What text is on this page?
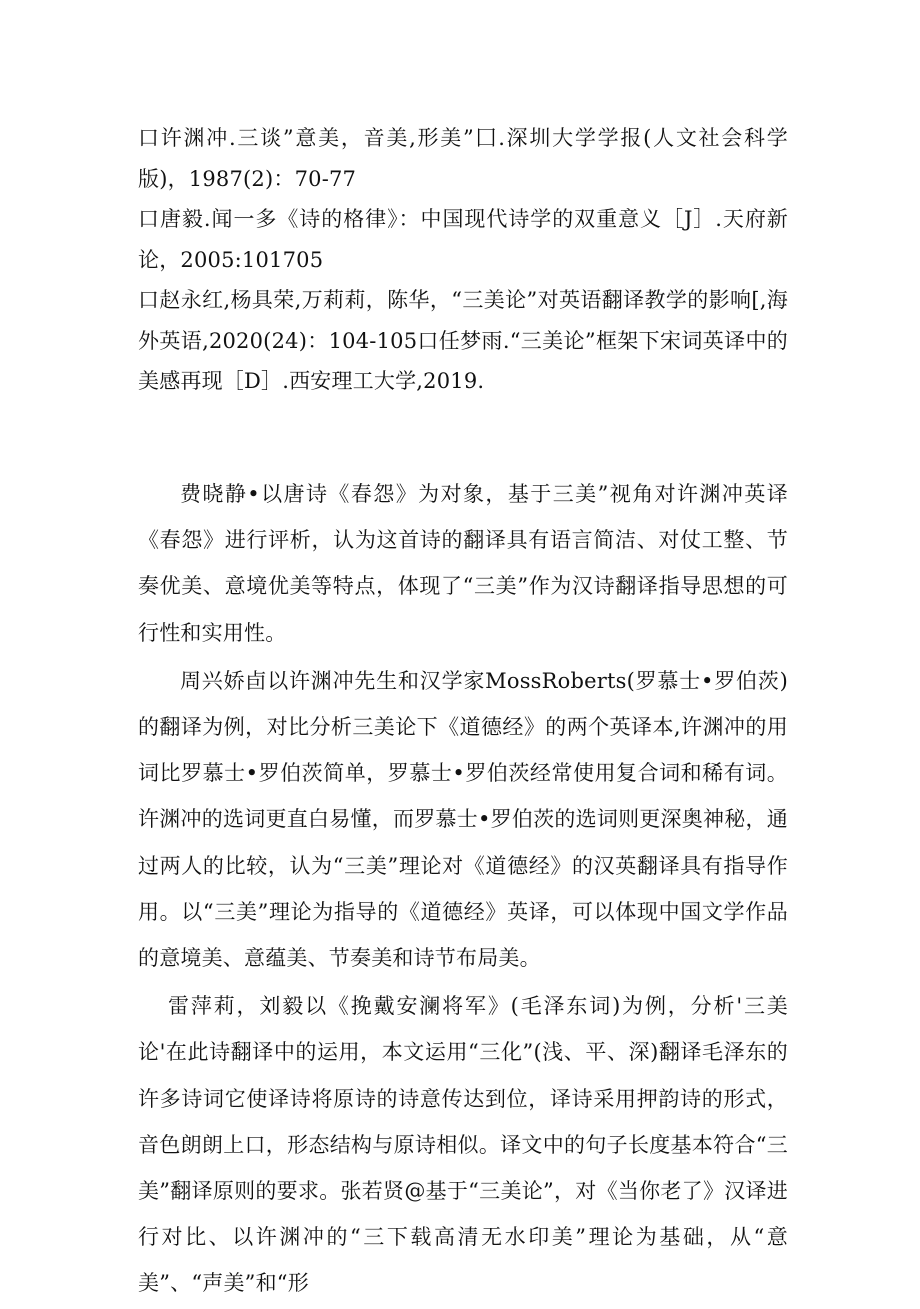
口许渊冲.三谈”意美，音美,形美”囗.深圳大学学报(人文社会科学版)，1987(2)：70-77

口唐毅.闻一多《诗的格律》：中国现代诗学的双重意义［J］.天府新论，2005:101705

口赵永红,杨具荣,万莉莉，陈华，“三美论”对英语翻译教学的影响[,海外英语,2020(24)：104-105口任梦雨.“三美论”框架下宋词英译中的美感再现［D］.西安理工大学,2019.

费晓静•以唐诗《春怨》为对象，基于三美”视角对许渊冲英译《春怨》进行评析，认为这首诗的翻译具有语言简洁、对仗工整、节奏优美、意境优美等特点，体现了“三美”作为汉诗翻译指导思想的可行性和实用性。

周兴娇卣以许渊冲先生和汉学家MossRoberts(罗慕士•罗伯茨)的翻译为例，对比分析三美论下《道德经》的两个英译本,许渊冲的用词比罗慕士•罗伯茨简单，罗慕士•罗伯茨经常使用复合词和稀有词。许渊冲的选词更直白易懂，而罗慕士•罗伯茨的选词则更深奥神秘，通过两人的比较，认为“三美”理论对《道德经》的汉英翻译具有指导作用。以“三美”理论为指导的《道德经》英译，可以体现中国文学作品的意境美、意蕴美、节奏美和诗节布局美。

雷萍莉，刘毅以《挽戴安澜将军》(毛泽东词)为例，分析'三美论'在此诗翻译中的运用，本文运用“三化”(浅、平、深)翻译毛泽东的许多诗词它使译诗将原诗的诗意传达到位，译诗采用押韵诗的形式，音色朗朗上口，形态结构与原诗相似。译文中的句子长度基本符合“三美”翻译原则的要求。张若贤@基于“三美论”，对《当你老了》汉译进行对比、以许渊冲的“三下载高清无水印美”理论为基础，从“意美”、“声美”和“形
